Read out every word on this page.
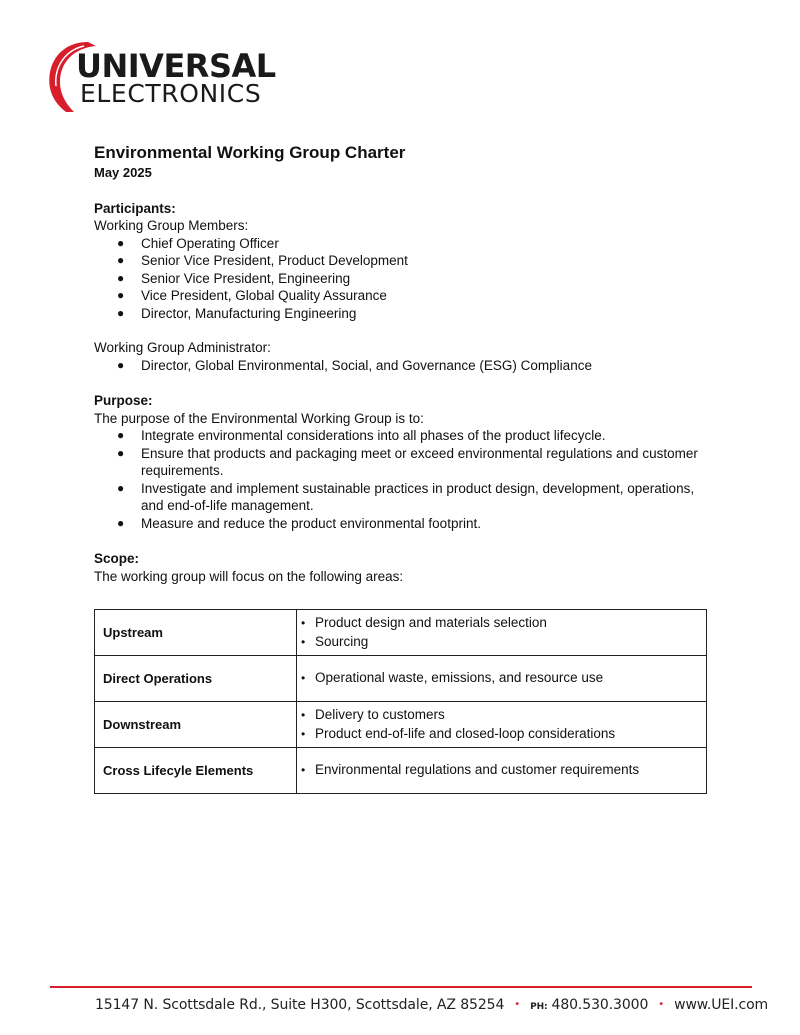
UNIVERSAL
ELECTRONICS
Environmental Working Group Charter
May 2025
Participants:
Working Group Members:
● Chief Operating Officer
● Senior Vice President, Product Development
● Senior Vice President, Engineering
● Vice President, Global Quality Assurance
● Director, Manufacturing Engineering
Working Group Administrator:
● Director, Global Environmental, Social, and Governance (ESG) Compliance
Purpose:
The purpose of the Environmental Working Group is to:
● Integrate environmental considerations into all phases of the product lifecycle.
● Ensure that products and packaging meet or exceed environmental regulations and customer requirements.
● Investigate and implement sustainable practices in product design, development, operations, and end-of-life management.
● Measure and reduce the product environmental footprint.
Scope:
The working group will focus on the following areas:
Upstream	• Product design and materials selection
• Sourcing

Direct Operations	• Operational waste, emissions, and resource use

Downstream	• Delivery to customers
• Product end-of-life and closed-loop considerations

Cross Lifecyle Elements	• Environmental regulations and customer requirements
15147 N. Scottsdale Rd., Suite H300, Scottsdale, AZ 85254 • PH: 480.530.3000 • www.UEI.com
